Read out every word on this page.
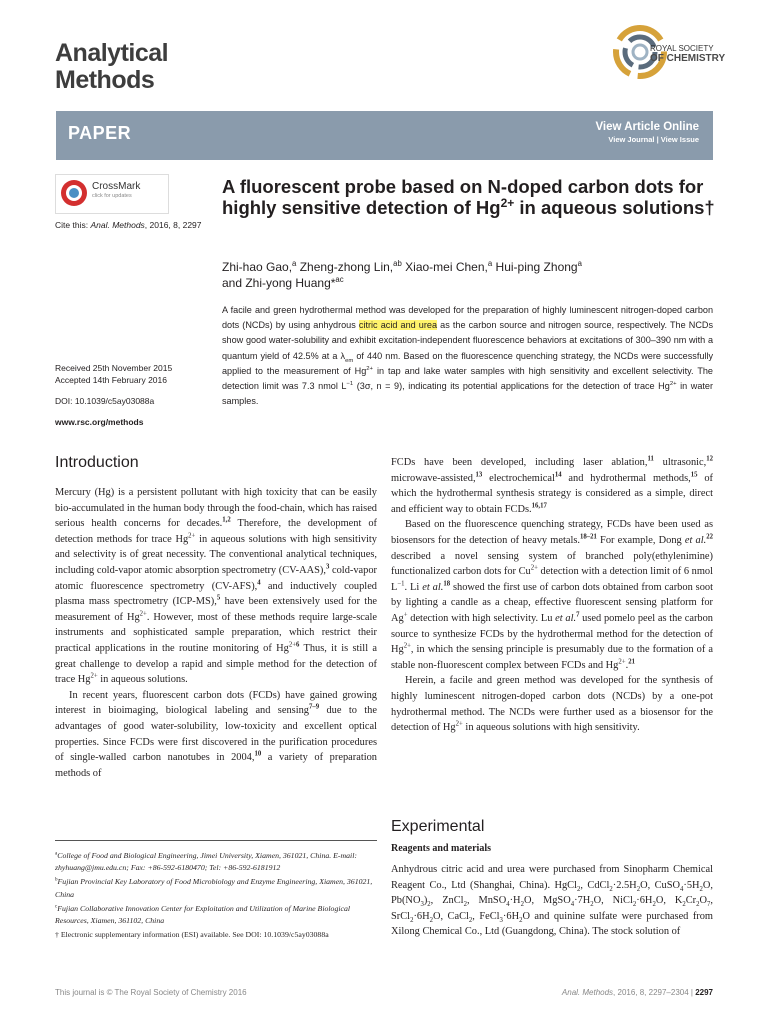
Analytical
Methods
ROYAL SOCIETY
OF CHEMISTRY
PAPER	View Article Online
View Journal | View Issue
CrossMark
click for updates
Cite this: Anal. Methods, 2016, 8, 2297

Received 25th November 2015

Accepted 14th February 2016

DOI: 10.1039/c5ay03088a

www.rsc.org/methods
A fluorescent probe based on N-doped carbon dots for highly sensitive detection of $Hg^{2+}$ in aqueous solutions†
Zhi-hao Gao,$^a$ Zheng-zhong Lin,$^{ab}$ Xiao-mei Chen,$^a$ Hui-ping Zhong$^a$
and Zhi-yong Huang*$^{ac}$
A facile and green hydrothermal method was developed for the preparation of highly luminescent nitrogen-doped carbon dots (NCDs) by using anhydrous citric acid and urea as the carbon source and nitrogen source, respectively. The NCDs show good water-solubility and exhibit excitation-independent fluorescence behaviors at excitations of 300–390 nm with a quantum yield of 42.5% at a $\lambda_{em}$ of 440 nm. Based on the fluorescence quenching strategy, the NCDs were successfully applied to the measurement of $Hg^{2+}$ in tap and lake water samples with high sensitivity and excellent selectivity. The detection limit was 7.3 nmol $L^{-1}$ (3σ, n = 9), indicating its potential applications for the detection of trace $Hg^{2+}$ in water samples.
Introduction

Mercury (Hg) is a persistent pollutant with high toxicity that can be easily bio-accumulated in the human body through the food-chain, which has raised serious health concerns for decades.$^{1,2}$ Therefore, the development of detection methods for trace $Hg^{2+}$ in aqueous solutions with high sensitivity and selectivity is of great necessity. The conventional analytical techniques, including cold-vapor atomic absorption spectrometry (CV-AAS),$^3$ cold-vapor atomic fluorescence spectrometry (CV-AFS),$^4$ and inductively coupled plasma mass spectrometry (ICP-MS),$^5$ have been extensively used for the measurement of $Hg^{2+}$. However, most of these methods require large-scale instruments and sophisticated sample preparation, which restrict their practical applications in the routine monitoring of Hg$^{2+6}$ Thus, it is still a great challenge to develop a rapid and simple method for the detection of trace $Hg^{2+}$ in aqueous solutions.

In recent years, fluorescent carbon dots (FCDs) have gained growing interest in bioimaging, biological labeling and sensing$^{7-9}$ due to the advantages of good water-solubility, low-toxicity and excellent optical properties. Since FCDs were first discovered in the purification procedures of single-walled carbon nanotubes in 2004,10 a variety of preparation methods of

$^a$College of Food and Biological Engineering, Jimei University, Xiamen, 361021, China. E-mail: zhyhuang@jmu.edu.cn; Fax: +86-592-6180470; Tel: +86-592-6181912

$^b$Fujian Provincial Key Laboratory of Food Microbiology and Enzyme Engineering, Xiamen, 361021, China

$^c$Fujian Collaborative Innovation Center for Exploitation and Utilization of Marine Biological Resources, Xiamen, 361102, China

† Electronic supplementary information (ESI) available. See DOI: 10.1039/c5ay03088a

FCDs have been developed, including laser ablation,$^{11}$ ultrasonic,$^{12}$ microwave-assisted,$^{13}$ electrochemical$^{14}$ and hydrothermal methods,$^{15}$ of which the hydrothermal synthesis strategy is considered as a simple, direct and efficient way to obtain FCDs.$^{16,17}$

Based on the fluorescence quenching strategy, FCDs have been used as biosensors for the detection of heavy metals.$^{18-21}$ For example, Dong et al.$^{22}$ described a novel sensing system of branched poly(ethylenimine) functionalized carbon dots for $Cu^{2+}$ detection with a detection limit of 6 nmol $L^{-1}$. Li et al.$^{18}$ showed the first use of carbon dots obtained from carbon soot by lighting a candle as a cheap, effective fluorescent sensing platform for Ag+ detection with high selectivity. Lu et al.$^7$ used pomelo peel as the carbon source to synthesize FCDs by the hydrothermal method for the detection of $Hg^{2+}$, in which the sensing principle is presumably due to the formation of a stable non-fluorescent complex between FCDs and $Hg^{2+}.^{21}$

Herein, a facile and green method was developed for the synthesis of highly luminescent nitrogen-doped carbon dots (NCDs) by a one-pot hydrothermal method. The NCDs were further used as a biosensor for the detection of $Hg^{2+}$ in aqueous solutions with high sensitivity.

Experimental
Reagents and materials

Anhydrous citric acid and urea were purchased from Sinopharm Chemical Reagent Co., Ltd (Shanghai, China). HgCl$_2$, $CdCl_2\cdot 2.5H_2O$, $CuSO_4\cdot 5H_2O$, $Pb(NO_3)_2$, ZnCl$_2$, $MnSO_4\cdot H_2O$, $MgSO_4\cdot 7H_2O$, $NiCl_2\cdot 6H_2O$, $K_2Cr_2O_7$, $SrCl_2\cdot 6H_2O$, CaCl$_2$, $FeCl_3\cdot 6H_2O$ and quinine sulfate were purchased from Xilong Chemical Co., Ltd (Guangdong, China). The stock solution of

This journal is © The Royal Society of Chemistry 2016	Anal. Methods, 2016, 8, 2297–2304 | 2297
